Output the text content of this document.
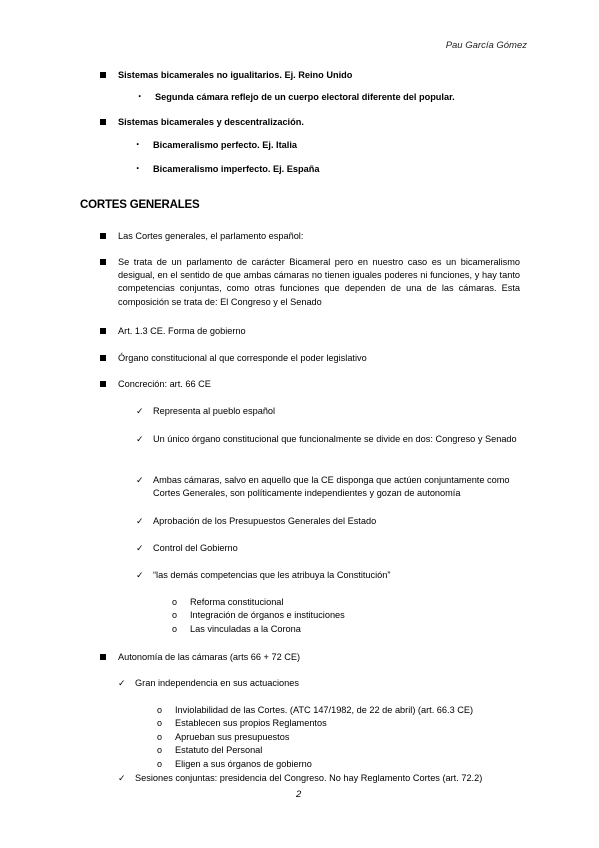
Pau García Gómez
Sistemas bicamerales no igualitarios. Ej. Reino Unido
· Segunda cámara reflejo de un cuerpo electoral diferente del popular.
Sistemas bicamerales y descentralización.
· Bicameralismo perfecto. Ej. Italia
· Bicameralismo imperfecto. Ej. España
CORTES GENERALES
Las Cortes generales, el parlamento español:
Se trata de un parlamento de carácter Bicameral pero en nuestro caso es un bicameralismo desigual, en el sentido de que ambas cámaras no tienen iguales poderes ni funciones, y hay tanto competencias conjuntas, como otras funciones que dependen de una de las cámaras. Esta composición se trata de: El Congreso y el Senado
Art. 1.3 CE. Forma de gobierno
Órgano constitucional al que corresponde el poder legislativo
Concreción: art. 66 CE
✓ Representa al pueblo español
✓ Un único órgano constitucional que funcionalmente se divide en dos: Congreso y Senado
✓ Ambas cámaras, salvo en aquello que la CE disponga que actúen conjuntamente como Cortes Generales, son políticamente independientes y gozan de autonomía
✓ Aprobación de los Presupuestos Generales del Estado
✓ Control del Gobierno
✓ “las demás competencias que les atribuya la Constitución”
o Reforma constitucional
o Integración de órganos e instituciones
o Las vinculadas a la Corona
Autonomía de las cámaras (arts 66 + 72 CE)
✓ Gran independencia en sus actuaciones
o Inviolabilidad de las Cortes. (ATC 147/1982, de 22 de abril) (art. 66.3 CE)
o Establecen sus propios Reglamentos
o Aprueban sus presupuestos
o Estatuto del Personal
o Eligen a sus órganos de gobierno
✓ Sesiones conjuntas: presidencia del Congreso. No hay Reglamento Cortes (art. 72.2)
2
